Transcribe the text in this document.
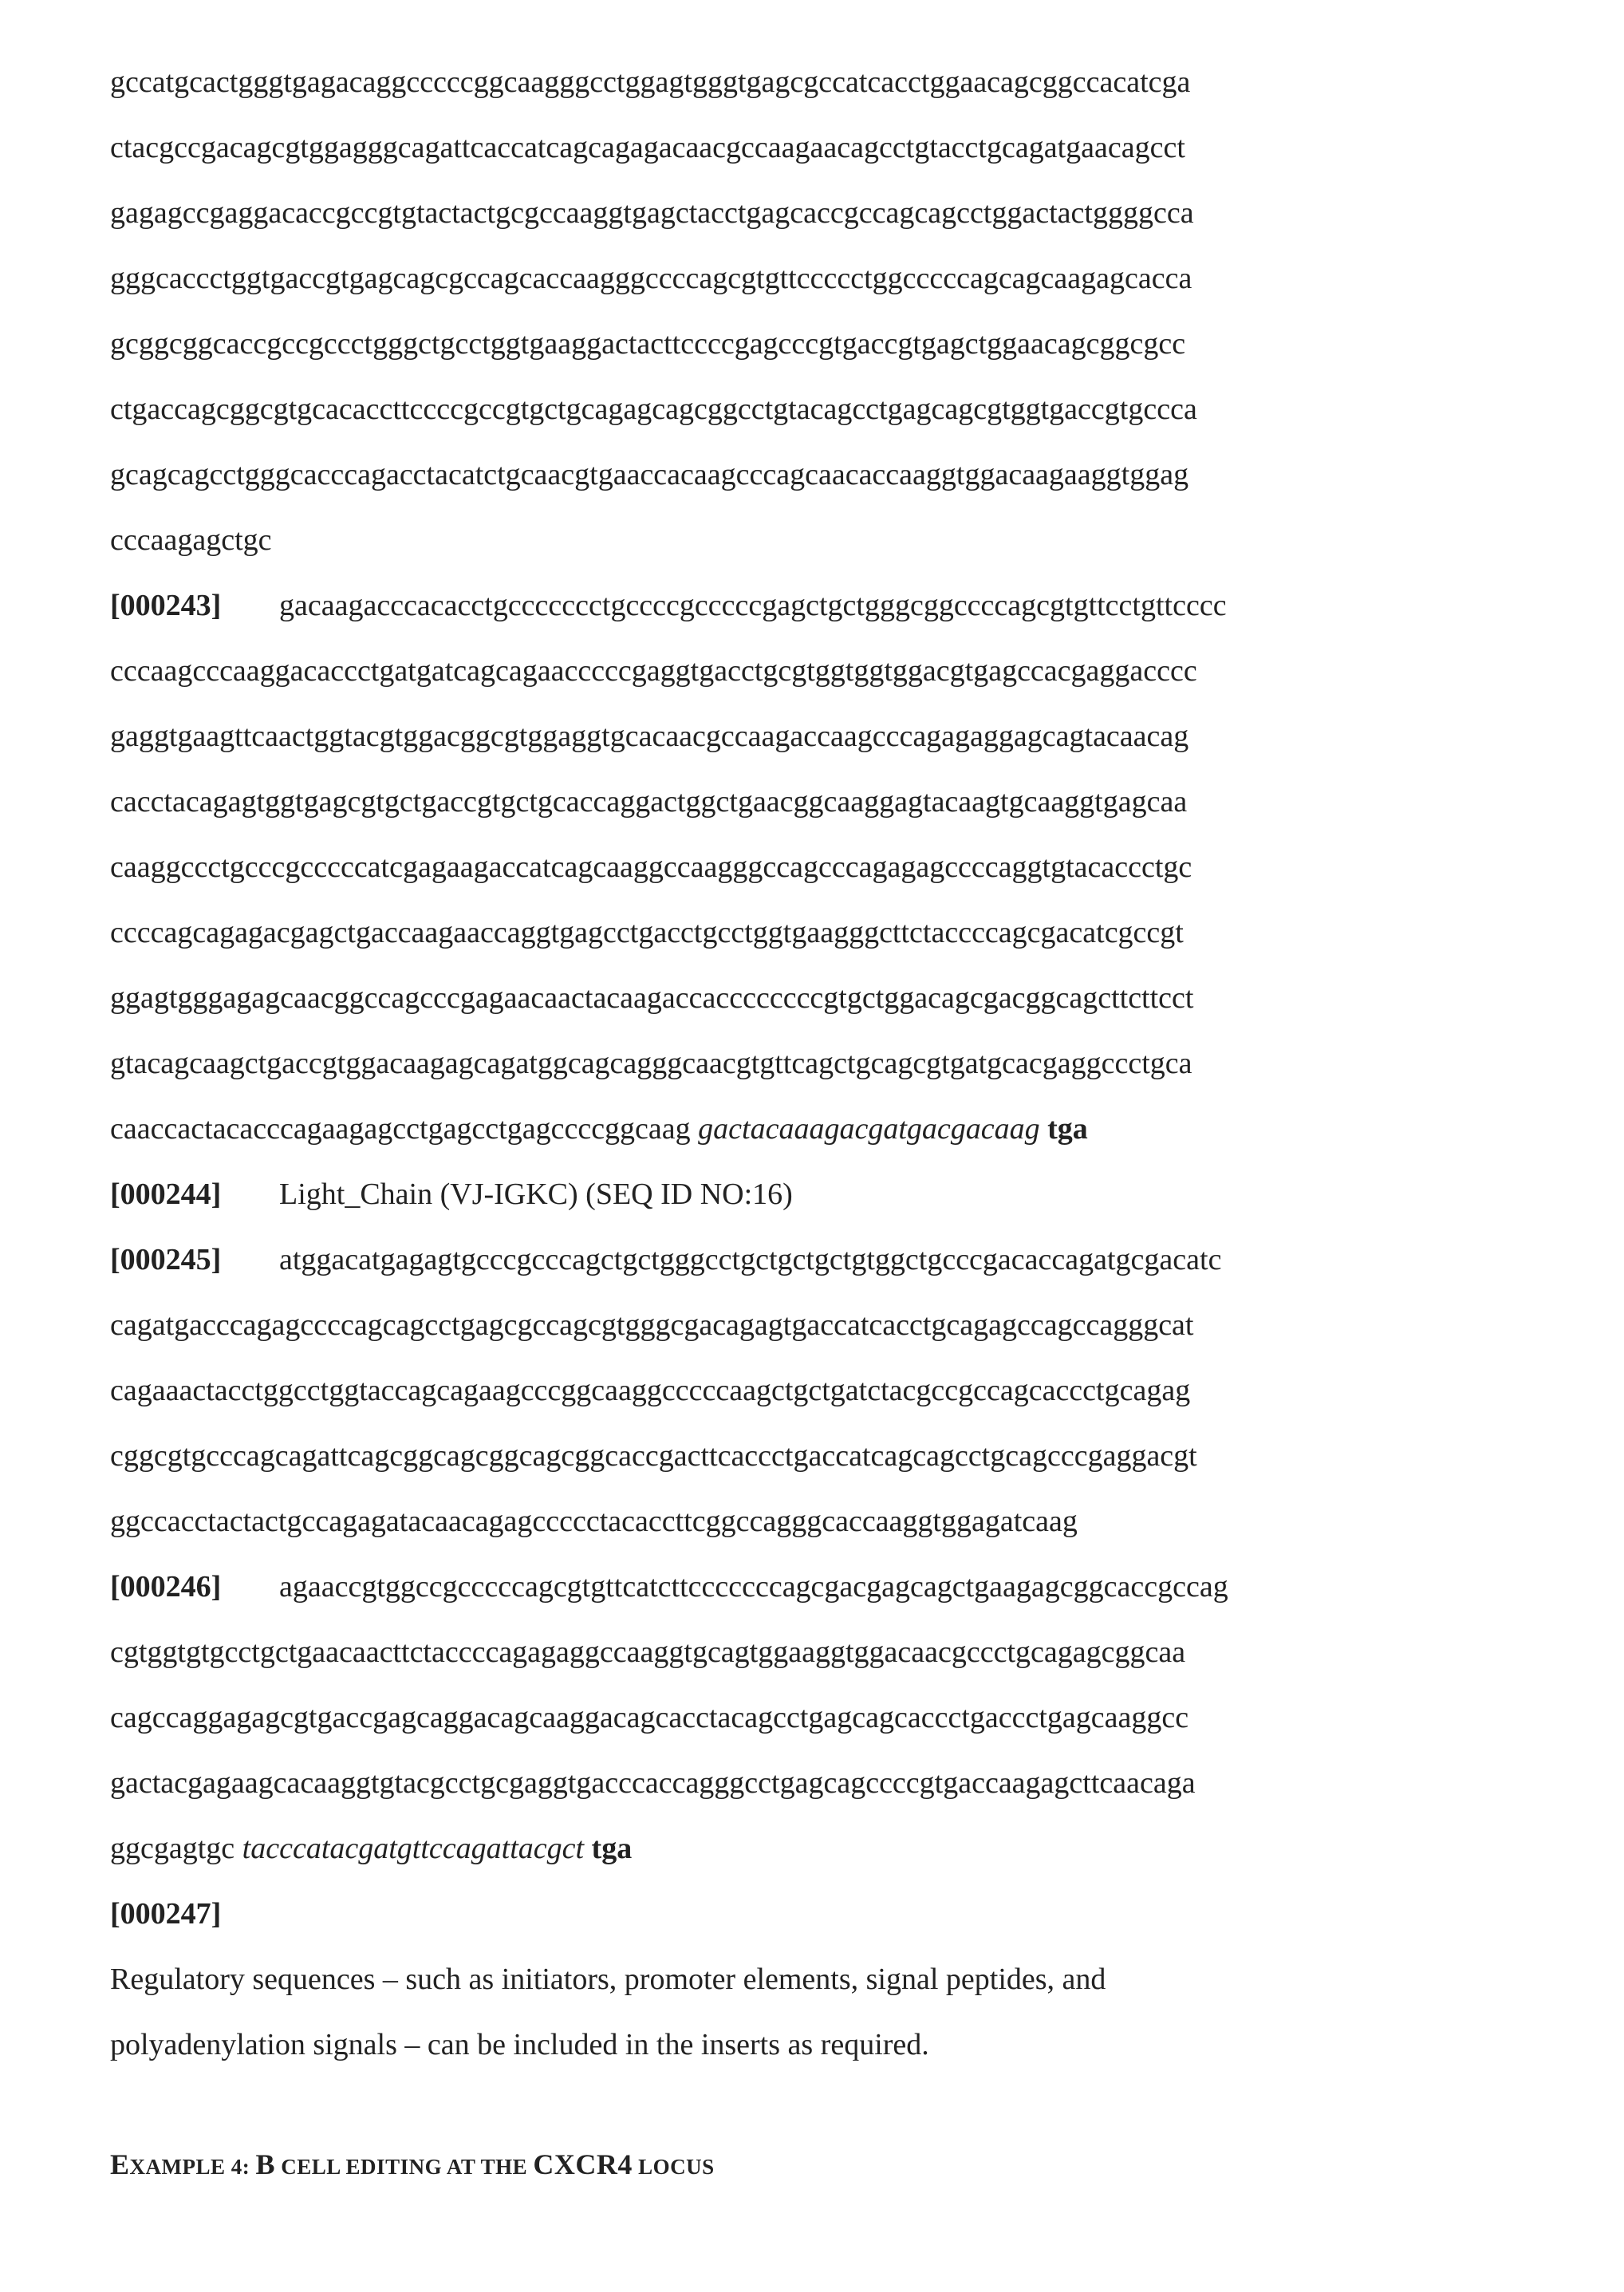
gccatgcactgggtgagacaggcccccggcaagggcctggagtgggtgagcgccatcacctggaacagcggccacatcga
ctacgccgacagcgtggagggcagattcaccatcagcagagacaacgccaagaacagcctgtacctgcagatgaacagcct
gagagccgaggacaccgccgtgtactactgcgccaaggtgagctacctgagcaccgccagcagcctggactactggggcca
gggcaccctggtgaccgtgagcagcgccagcaccaagggccccagcgtgttccccctggcccccagcagcaagagcacca
gcggcggcaccgccgccctgggctgcctggtgaaggactacttccccgagcccgtgaccgtgagctggaacagcggcgcc
ctgaccagcggcgtgcacaccttccccgccgtgctgcagagcagcggcctgtacagcctgagcagcgtggtgaccgtgccca
gcagcagcctgggcacccagacctacatctgcaacgtgaaccacaagcccagcaacaccaaggtggacaagaaggtggag
cccaagagctgc
[000243] gacaagacccacacctgccccccctgccccgcccccgagctgctgggcggccccagcgtgttcctgttcccc
cccaagcccaaggacaccctgatgatcagcagaacccccgaggtgacctgcgtggtggtggacgtgagccacgaggacccc
gaggtgaagttcaactggtacgtggacggcgtggaggtgcacaacgccaagaccaagcccagagaggagcagtacaacag
cacctacagagtggtgagcgtgctgaccgtgctgcaccaggactggctgaacggcaaggagtacaagtgcaaggtgagcaa
caaggccctgcccgcccccatcgagaagaccatcagcaaggccaagggccagcccagagagccccaggtgtacaccctgc
ccccagcagagacgagctgaccaagaaccaggtgagcctgacctgcctggtgaagggcttctaccccagcgacatcgccgt
ggagtgggagagcaacggccagcccgagaacaactacaagaccaccccccccgtgctggacagcgacggcagcttcttcct
gtacagcaagctgaccgtggacaagagcagatggcagcagggcaacgtgttcagctgcagcgtgatgcacgaggccctgca
caaccactacacccagaagagcctgagcctgagccccggcaag gactacaaagacgatgacgacaag tga
[000244] Light_Chain (VJ-IGKC) (SEQ ID NO:16)
[000245] atggacatgagagtgcccgcccagctgctgggcctgctgctgctgtggctgcccgacaccagatgcgacatc
cagatgacccagagccccagcagcctgagcgccagcgtgggcgacagagtgaccatcacctgcagagccagccagggcat
cagaaactacctggcctggtaccagcagaagcccggcaaggcccccaagctgctgatctacgccgccagcaccctgcagag
cggcgtgcccagcagattcagcggcagcggcagcggcaccgacttcaccctgaccatcagcagcctgcagcccgaggacgt
ggccacctactactgccagagatacaacagagccccctacaccttcggccagggcaccaaggtggagatcaag
[000246] agaaccgtggccgcccccagcgtgttcatcttcccccccagcgacgagcagctgaagagcggcaccgccag
cgtggtgtgcctgctgaacaacttctaccccagagaggccaaggtgcagtggaaggtggacaacgccctgcagagcggcaa
cagccaggagagcgtgaccgagcaggacagcaaggacagcacctacagcctgagcagcaccctgaccctgagcaaggcc
gactacgagaagcacaaggtgtacgcctgcgaggtgacccaccagggcctgagcagccccgtgaccaagagcttcaacaga
ggcgagtgc tacccatacgatgttccagattacgct tga
[000247]
Regulatory sequences – such as initiators, promoter elements, signal peptides, and
polyadenylation signals – can be included in the inserts as required.
EXAMPLE 4: B CELL EDITING AT THE CXCR4 LOCUS
